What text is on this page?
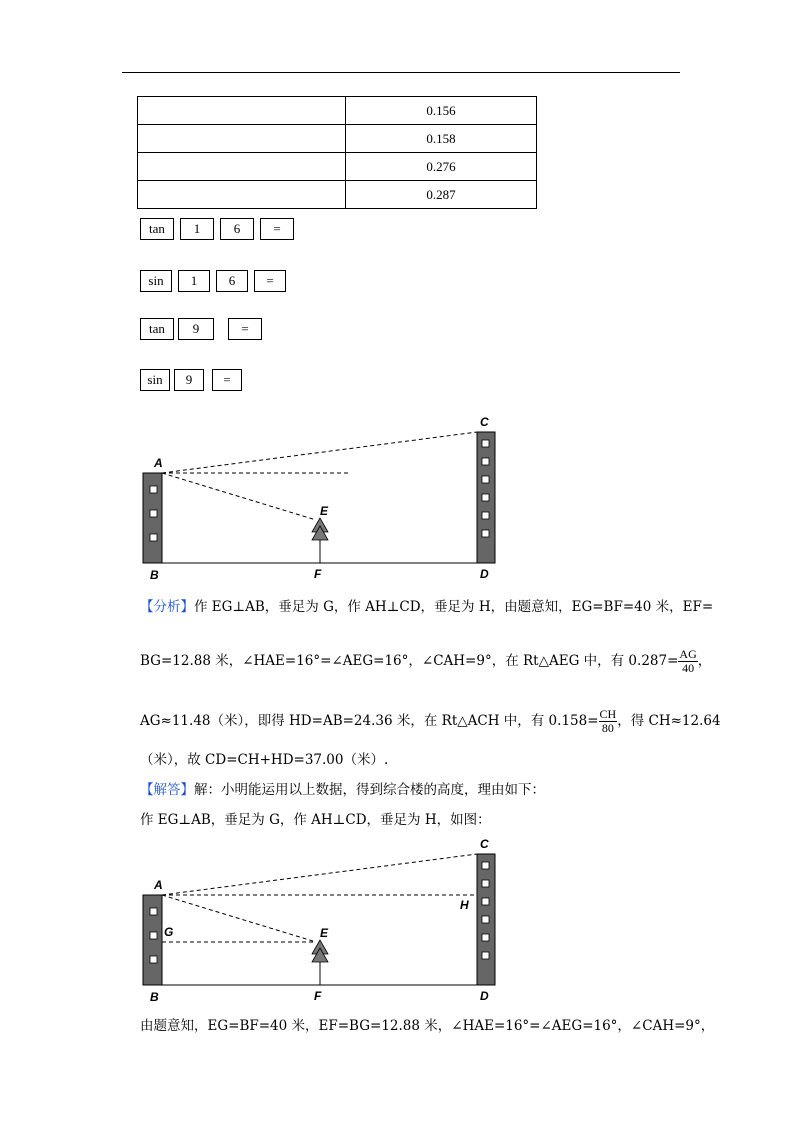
	0.156
	0.158
	0.276
	0.287
tan	1	6	=
sin	1	6	=
tan	9	=
sin	9	=
A
B
C
D
E
F
【分析】作 EG⊥AB，垂足为 G，作 AH⊥CD，垂足为 H，由题意知，EG=BF=40 米，EF=
BG=12.88 米，∠HAE=16°=∠AEG=16°，∠CAH=9°，在 Rt△AEG 中，有 $0.287= \frac{AG}{40}$ ，
AG≈11.48（米），即得 HD=AB=24.36 米，在 Rt△ACH 中，有 $0.158= \frac{CH}{80}$ ，得 CH≈12.64
（米），故 CD=CH+HD=37.00（米）.
【解答】解：小明能运用以上数据，得到综合楼的高度，理由如下：
作 EG⊥AB，垂足为 G，作 AH⊥CD，垂足为 H，如图：
A
B
C
D
E
F
G
H
由题意知，EG=BF=40 米，EF=BG=12.88 米，∠HAE=16°=∠AEG=16°，∠CAH=9°，
